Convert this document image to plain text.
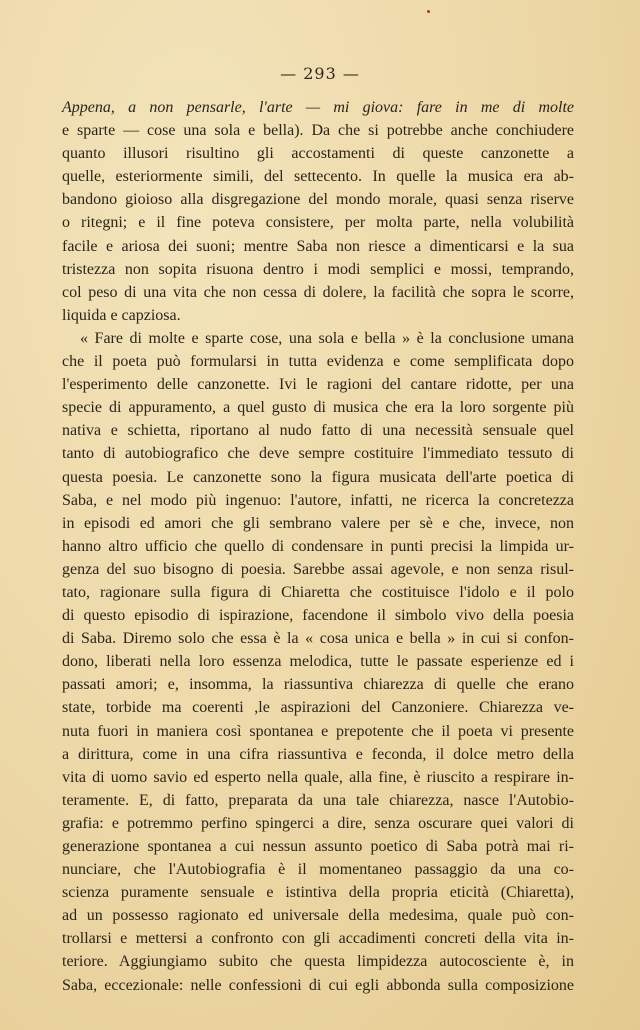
— 293 —
Appena, a non pensarle, l'arte — mi giova: fare in me di molte
e sparte — cose una sola e bella). Da che si potrebbe anche conchiudere
quanto illusori risultino gli accostamenti di queste canzonette a
quelle, esteriormente simili, del settecento. In quelle la musica era ab-
bandono gioioso alla disgregazione del mondo morale, quasi senza riserve
o ritegni; e il fine poteva consistere, per molta parte, nella volubilità
facile e ariosa dei suoni; mentre Saba non riesce a dimenticarsi e la sua
tristezza non sopita risuona dentro i modi semplici e mossi, temprando,
col peso di una vita che non cessa di dolere, la facilità che sopra le scorre,
liquida e capziosa.
« Fare di molte e sparte cose, una sola e bella » è la conclusione umana
che il poeta può formularsi in tutta evidenza e come semplificata dopo
l'esperimento delle canzonette. Ivi le ragioni del cantare ridotte, per una
specie di appuramento, a quel gusto di musica che era la loro sorgente più
nativa e schietta, riportano al nudo fatto di una necessità sensuale quel
tanto di autobiografico che deve sempre costituire l'immediato tessuto di
questa poesia. Le canzonette sono la figura musicata dell'arte poetica di
Saba, e nel modo più ingenuo: l'autore, infatti, ne ricerca la concretezza
in episodi ed amori che gli sembrano valere per sè e che, invece, non
hanno altro ufficio che quello di condensare in punti precisi la limpida ur-
genza del suo bisogno di poesia. Sarebbe assai agevole, e non senza risul-
tato, ragionare sulla figura di Chiaretta che costituisce l'idolo e il polo
di questo episodio di ispirazione, facendone il simbolo vivo della poesia
di Saba. Diremo solo che essa è la « cosa unica e bella » in cui si confon-
dono, liberati nella loro essenza melodica, tutte le passate esperienze ed i
passati amori; e, insomma, la riassuntiva chiarezza di quelle che erano
state, torbide ma coerenti ,le aspirazioni del Canzoniere. Chiarezza ve-
nuta fuori in maniera così spontanea e prepotente che il poeta vi presente
a dirittura, come in una cifra riassuntiva e feconda, il dolce metro della
vita di uomo savio ed esperto nella quale, alla fine, è riuscito a respirare in-
teramente. E, di fatto, preparata da una tale chiarezza, nasce l'Autobio-
grafia: e potremmo perfino spingerci a dire, senza oscurare quei valori di
generazione spontanea a cui nessun assunto poetico di Saba potrà mai ri-
nunciare, che l'Autobiografia è il momentaneo passaggio da una co-
scienza puramente sensuale e istintiva della propria eticità (Chiaretta),
ad un possesso ragionato ed universale della medesima, quale può con-
trollarsi e mettersi a confronto con gli accadimenti concreti della vita in-
teriore. Aggiungiamo subito che questa limpidezza autocosciente è, in
Saba, eccezionale: nelle confessioni di cui egli abbonda sulla composizione
